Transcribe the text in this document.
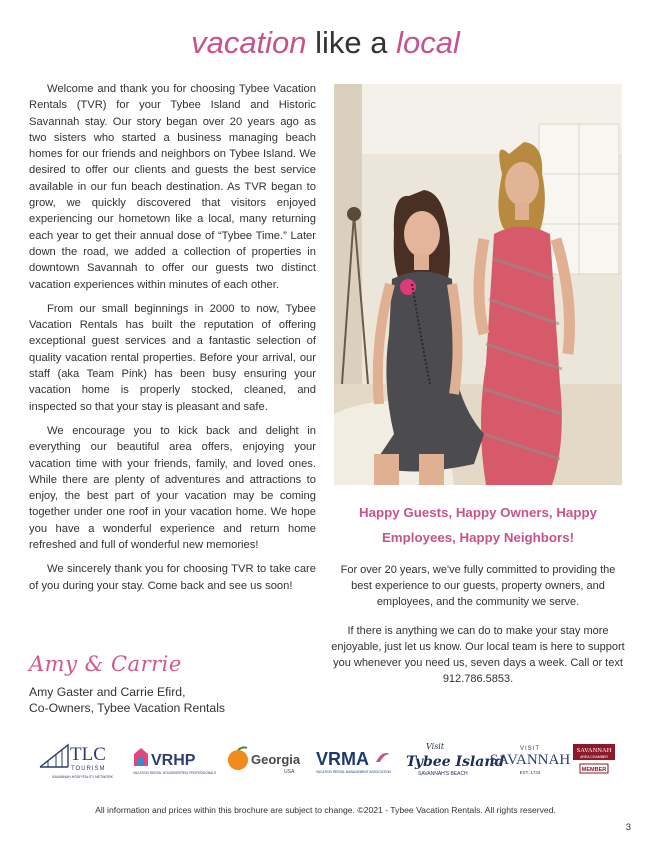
vacation like a local

Welcome and thank you for choosing Tybee Vacation Rentals (TVR) for your Tybee Island and Historic Savannah stay. Our story began over 20 years ago as two sisters who started a business managing beach homes for our friends and neighbors on Tybee Island. We desired to offer our clients and guests the best service available in our fun beach destination. As TVR began to grow, we quickly discovered that visitors enjoyed experiencing our hometown like a local, many returning each year to get their annual dose of “Tybee Time.” Later down the road, we added a collection of properties in downtown Savannah to offer our guests two distinct vacation experiences within minutes of each other.

From our small beginnings in 2000 to now, Tybee Vacation Rentals has built the reputation of offering exceptional guest services and a fantastic selection of quality vacation rental properties. Before your arrival, our staff (aka Team Pink) has been busy ensuring your vacation home is properly stocked, cleaned, and inspected so that your stay is pleasant and safe.

We encourage you to kick back and delight in everything our beautiful area offers, enjoying your vacation time with your friends, family, and loved ones. While there are plenty of adventures and attractions to enjoy, the best part of your vacation may be coming together under one roof in your vacation home. We hope you have a wonderful experience and return home refreshed and full of wonderful new memories!

We sincerely thank you for choosing TVR to take care of you during your stay. Come back and see us soon!

Amy & Carrie
Amy Gaster and Carrie Efird,
Co-Owners, Tybee Vacation Rentals
Happy Guests, Happy Owners, Happy
Employees, Happy Neighbors!

For over 20 years, we've fully committed to providing the best experience to our guests, property owners, and employees, and the community we serve.

If there is anything we can do to make your stay more enjoyable, just let us know. Our local team is here to support you whenever you need us, seven days a week. Call or text 912.786.5853.

TLC
TOURISM
SAVANNAH HOSPITALITY NETWORK
VRHP
VACATION RENTAL HOUSEKEEPING PROFESSIONALS
Georgia
USA
VRMA
VACATION RENTAL MANAGEMENT ASSOCIATION
Visit
Tybee Island
SAVANNAH'S BEACH
VISIT
SAVANNAH
EST. 1733
SAVANNAH
AREA CHAMBER
MEMBER
All information and prices within this brochure are subject to change. ©2021 - Tybee Vacation Rentals. All rights reserved.
3
